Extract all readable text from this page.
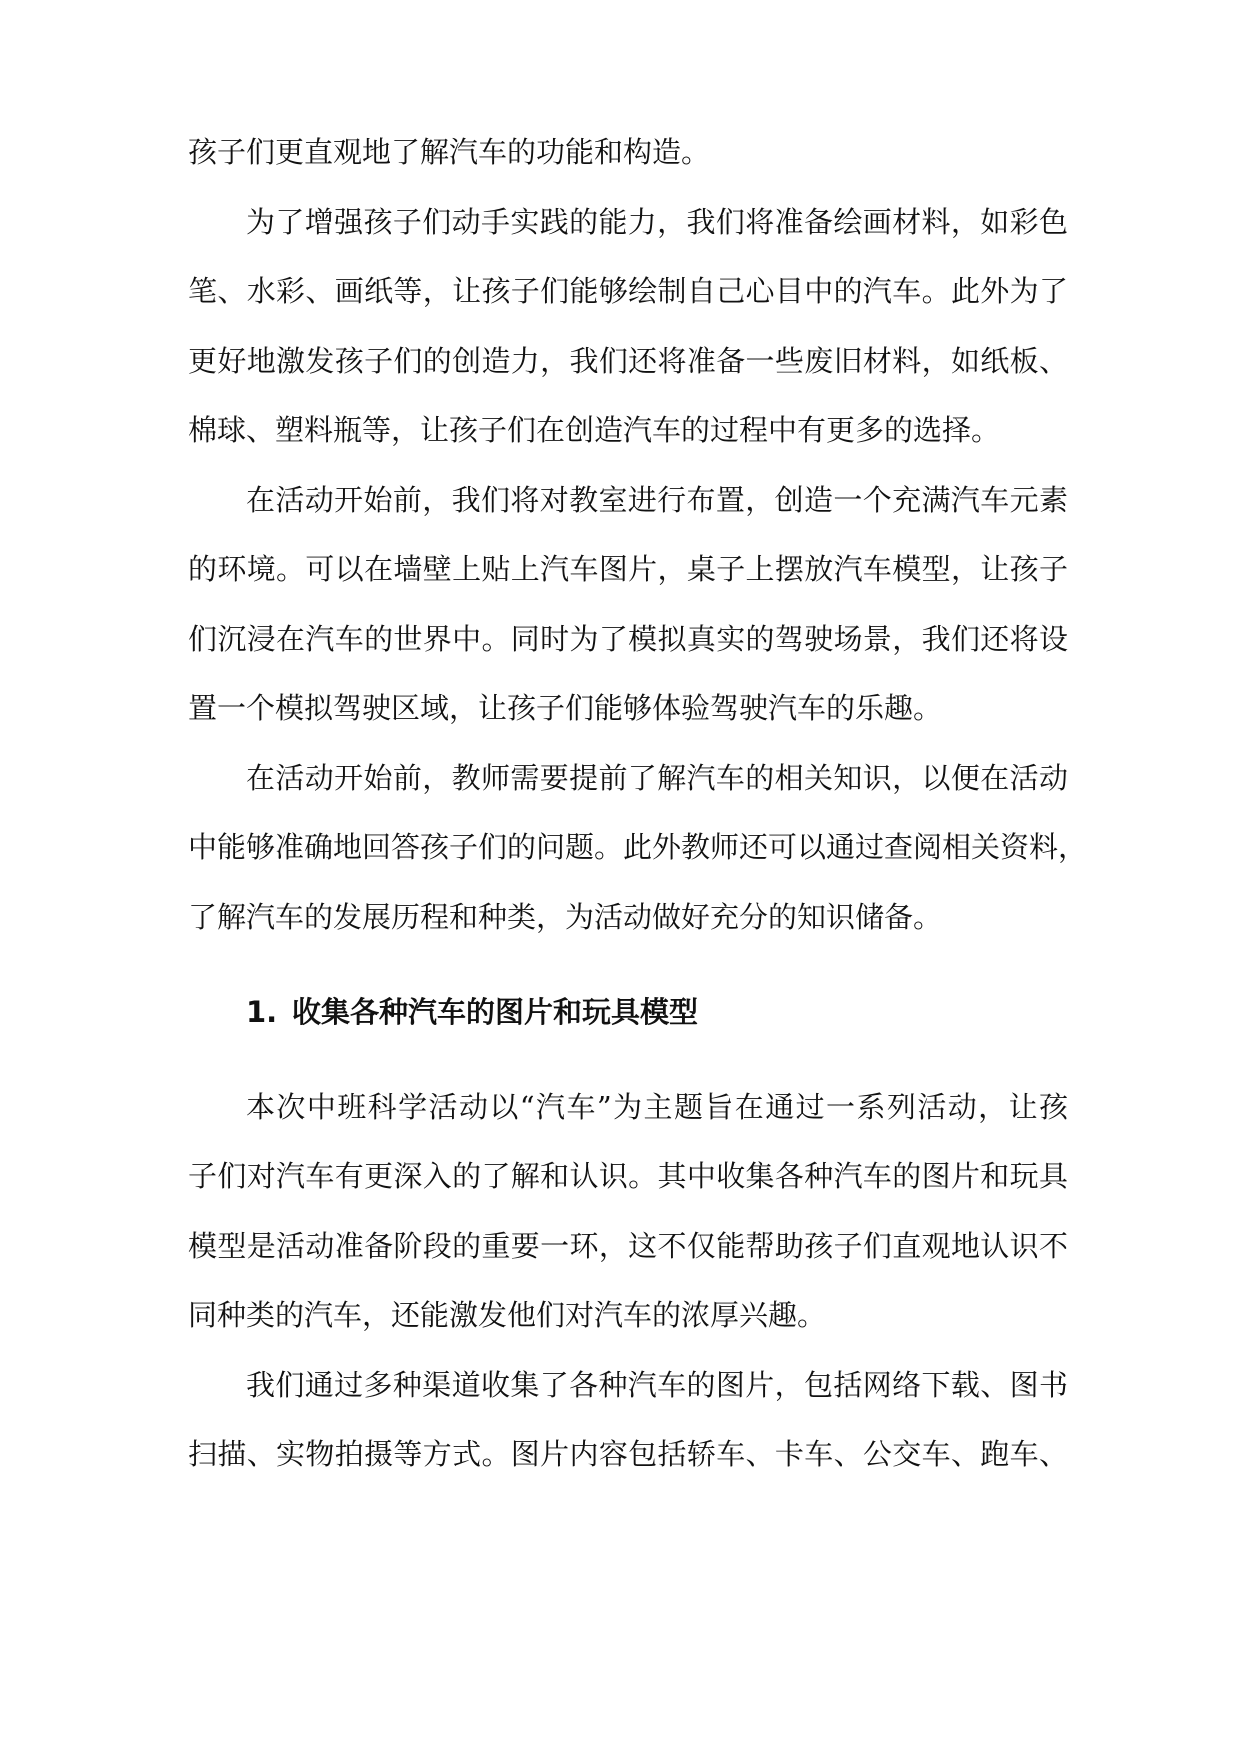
孩子们更直观地了解汽车的功能和构造。
为了增强孩子们动手实践的能力，我们将准备绘画材料，如彩色
笔、水彩、画纸等，让孩子们能够绘制自己心目中的汽车。此外为了
更好地激发孩子们的创造力，我们还将准备一些废旧材料，如纸板、
棉球、塑料瓶等，让孩子们在创造汽车的过程中有更多的选择。
在活动开始前，我们将对教室进行布置，创造一个充满汽车元素
的环境。可以在墙壁上贴上汽车图片，桌子上摆放汽车模型，让孩子
们沉浸在汽车的世界中。同时为了模拟真实的驾驶场景，我们还将设
置一个模拟驾驶区域，让孩子们能够体验驾驶汽车的乐趣。
在活动开始前，教师需要提前了解汽车的相关知识，以便在活动
中能够准确地回答孩子们的问题。此外教师还可以通过查阅相关资料，
了解汽车的发展历程和种类，为活动做好充分的知识储备。
1. 收集各种汽车的图片和玩具模型
本次中班科学活动以“汽车”为主题旨在通过一系列活动，让孩
子们对汽车有更深入的了解和认识。其中收集各种汽车的图片和玩具
模型是活动准备阶段的重要一环，这不仅能帮助孩子们直观地认识不
同种类的汽车，还能激发他们对汽车的浓厚兴趣。
我们通过多种渠道收集了各种汽车的图片，包括网络下载、图书
扫描、实物拍摄等方式。图片内容包括轿车、卡车、公交车、跑车、
